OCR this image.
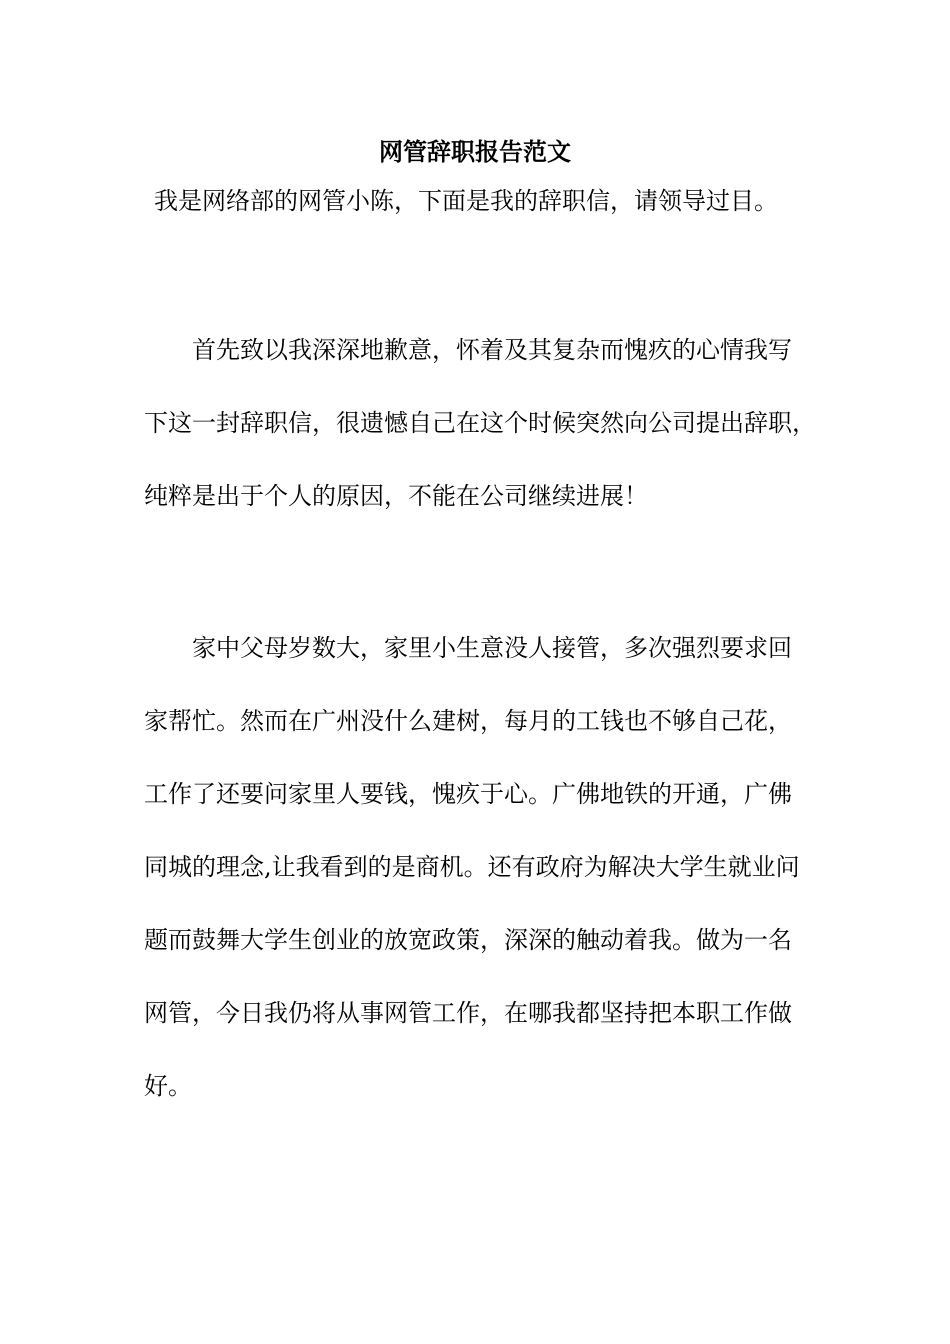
网管辞职报告范文
我是网络部的网管小陈，下面是我的辞职信，请领导过目。
首先致以我深深地歉意，怀着及其复杂而愧疚的心情我写
下这一封辞职信，很遗憾自己在这个时候突然向公司提出辞职，
纯粹是出于个人的原因，不能在公司继续进展！
家中父母岁数大，家里小生意没人接管，多次强烈要求回
家帮忙。然而在广州没什么建树，每月的工钱也不够自己花，
工作了还要问家里人要钱，愧疚于心。广佛地铁的开通，广佛
同城的理念,让我看到的是商机。还有政府为解决大学生就业问
题而鼓舞大学生创业的放宽政策，深深的触动着我。做为一名
网管，今日我仍将从事网管工作，在哪我都坚持把本职工作做
好。
